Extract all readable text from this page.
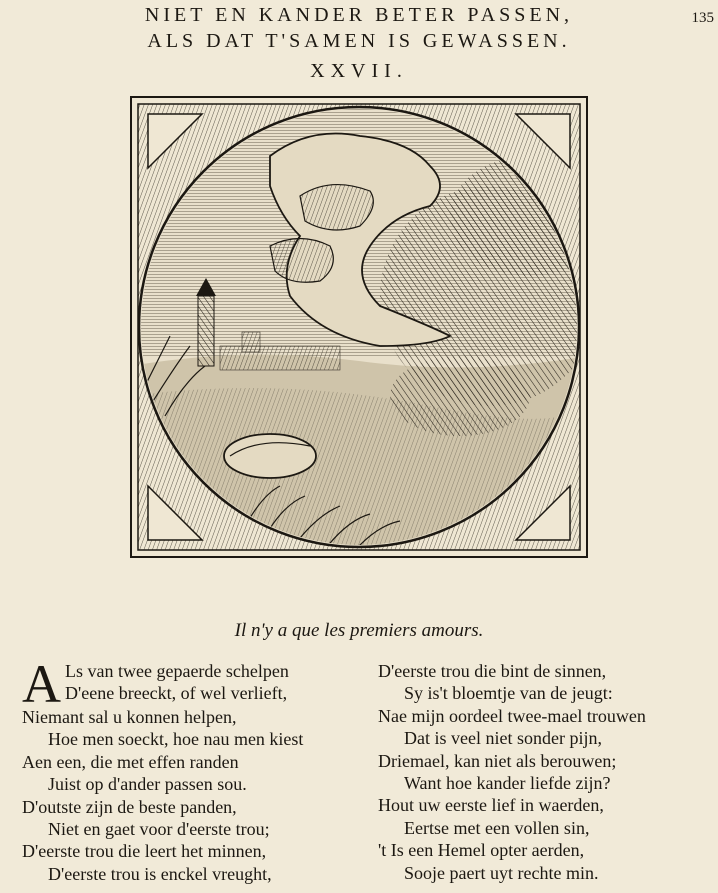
135
NIET EN KANDER BETER PASSEN,
ALS DAT T'SAMEN IS GEWASSEN.
XXVII.
Il n'y a que les premiers amours.
A Ls van twee gepaerde schelpen
D'eene breeckt, of wel verlieft,
Niemant sal u konnen helpen,
Hoe men soeckt, hoe nau men kiest
Aen een, die met effen randen
Juist op d'ander passen sou.
D'outste zijn de beste panden,
Niet en gaet voor d'eerste trou;
D'eerste trou die leert het minnen,
D'eerste trou is enckel vreught,
D'eerste trou die bint de sinnen,
Sy is't bloemtje van de jeugt:
Nae mijn oordeel twee-mael trouwen
Dat is veel niet sonder pijn,
Driemael, kan niet als berouwen;
Want hoe kander liefde zijn?
Hout uw eerste lief in waerden,
Eertse met een vollen sin,
't Is een Hemel opter aerden,
Sooje paert uyt rechte min.
